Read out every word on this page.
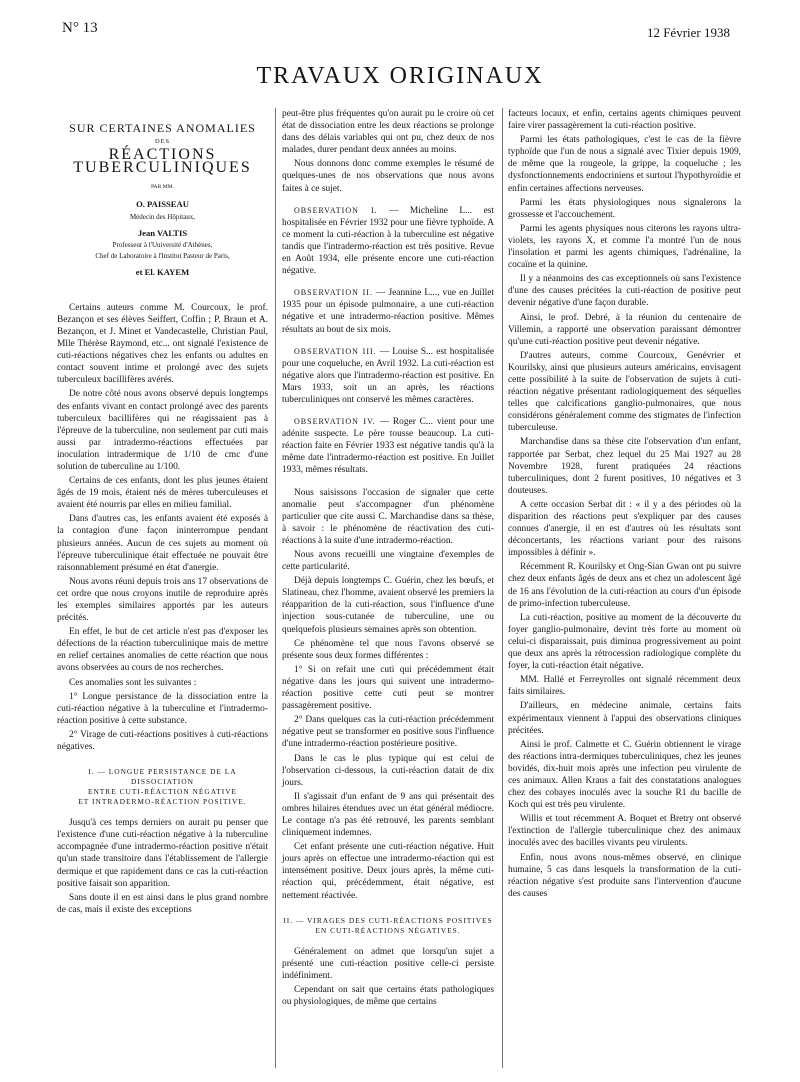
N° 13	12 Février 1938
TRAVAUX ORIGINAUX

SUR CERTAINES ANOMALIES

DES

RÉACTIONS

TUBERCULINIQUES

PAR MM.

O. PAISSEAU

Médecin des Hôpitaux,

Jean VALTIS

Professeur à l'Université d'Athènes,

Chef de Laboratoire à l'Institut Pasteur de Paris,

et El. KAYEM

Certains auteurs comme M. Courcoux, le prof. Bezançon et ses élèves Seiffert, Coffin ; P. Braun et A. Bezançon, et J. Minet et Vandecastelle, Christian Paul, Mlle Thérèse Raymond, etc... ont signalé l'existence de cuti-réactions négatives chez les enfants ou adultes en contact souvent intime et prolongé avec des sujets tuberculeux bacillifères avérés.

De notre côté nous avons observé depuis longtemps des enfants vivant en contact prolongé avec des parents tuberculeux bacillifères qui ne réagissaient pas à l'épreuve de la tuberculine, non seulement par cuti mais aussi par intradermo-réactions effectuées par inoculation intradermique de 1/10 de cmc d'une solution de tuberculine au 1/100.

Certains de ces enfants, dont les plus jeunes étaient âgés de 19 mois, étaient nés de mères tuberculeuses et avaient été nourris par elles en milieu familial.

Dans d'autres cas, les enfants avaient été exposés à la contagion d'une façon ininterrompue pendant plusieurs années. Aucun de ces sujets au moment où l'épreuve tuberculinique était effectuée ne pouvait être raisonnablement présumé en état d'anergie.

Nous avons réuni depuis trois ans 17 observations de cet ordre que nous croyons inutile de reproduire après les exemples similaires apportés par les auteurs précités.

En effet, le but de cet article n'est pas d'exposer les défections de la réaction tuberculinique mais de mettre en relief certaines anomalies de cette réaction que nous avons observées au cours de nos recherches.

Ces anomalies sont les suivantes :

1° Longue persistance de la dissociation entre la cuti-réaction négative à la tuberculine et l'intradermo-réaction positive à cette substance.

2° Virage de cuti-réactions positives à cuti-réactions négatives.

I. — LONGUE PERSISTANCE DE LA DISSOCIATION
ENTRE CUTI-RÉACTION NÉGATIVE
ET INTRADERMO-RÉACTION POSITIVE.

Jusqu'à ces temps derniers on aurait pu penser que l'existence d'une cuti-réaction négative à la tuberculine accompagnée d'une intradermo-réaction positive n'était qu'un stade transitoire dans l'établissement de l'allergie dermique et que rapidement dans ce cas la cuti-réaction positive faisait son apparition.

Sans doute il en est ainsi dans le plus grand nombre de cas, mais il existe des exceptions

peut-être plus fréquentes qu'on aurait pu le croire où cet état de dissociation entre les deux réactions se prolonge dans des délais variables qui ont pu, chez deux de nos malades, durer pendant deux années au moins.

Nous donnons donc comme exemples le résumé de quelques-unes de nos observations que nous avons faites à ce sujet.

OBSERVATION I. — Micheline L... est hospitalisée en Février 1932 pour une fièvre typhoïde. A ce moment la cuti-réaction à la tuberculine est négative tandis que l'intradermo-réaction est très positive. Revue en Août 1934, elle présente encore une cuti-réaction négative.

OBSERVATION II. — Jeannine L..., vue en Juillet 1935 pour un épisode pulmonaire, a une cuti-réaction négative et une intradermo-réaction positive. Mêmes résultats au bout de six mois.

OBSERVATION III. — Louise S... est hospitalisée pour une coqueluche, en Avril 1932. La cuti-réaction est négative alors que l'intradermo-réaction est positive. En Mars 1933, soit un an après, les réactions tuberculiniques ont conservé les mêmes caractères.

OBSERVATION IV. — Roger C... vient pour une adénite suspecte. Le père tousse beaucoup. La cuti-réaction faite en Février 1933 est négative tandis qu'à la même date l'intradermo-réaction est positive. En Juillet 1933, mêmes résultats.

Nous saisissons l'occasion de signaler que cette anomalie peut s'accompagner d'un phénomène particulier que cite aussi C. Marchandise dans sa thèse, à savoir : le phénomène de réactivation des cuti-réactions à la suite d'une intradermo-réaction.

Nous avons recueilli une vingtaine d'exemples de cette particularité.

Déjà depuis longtemps C. Guérin, chez les bœufs, et Slatineau, chez l'homme, avaient observé les premiers la réapparition de la cuti-réaction, sous l'influence d'une injection sous-cutanée de tuberculine, une ou quelquefois plusieurs semaines après son obtention.

Ce phénomène tel que nous l'avons observé se présente sous deux formes différentes :

1° Si on refait une cuti qui précédemment était négative dans les jours qui suivent une intradermo-réaction positive cette cuti peut se montrer passagèrement positive.

2° Dans quelques cas la cuti-réaction précédemment négative peut se transformer en positive sous l'influence d'une intradermo-réaction postérieure positive.

Dans le cas le plus typique qui est celui de l'observation ci-dessous, la cuti-réaction datait de dix jours.

Il s'agissait d'un enfant de 9 ans qui présentait des ombres hilaires étendues avec un état général médiocre. Le contage n'a pas été retrouvé, les parents semblant cliniquement indemnes.

Cet enfant présente une cuti-réaction négative. Huit jours après on effectue une intradermo-réaction qui est intensément positive. Deux jours après, la même cuti-réaction qui, précédemment, était négative, est nettement réactivée.

II. — VIRAGES DES CUTI-RÉACTIONS POSITIVES
EN CUTI-RÉACTIONS NÉGATIVES.

Généralement on admet que lorsqu'un sujet a présenté une cuti-réaction positive celle-ci persiste indéfiniment.

Cependant on sait que certains états pathologiques ou physiologiques, de même que certains

facteurs locaux, et enfin, certains agents chimiques peuvent faire virer passagèrement la cuti-réaction positive.

Parmi les états pathologiques, c'est le cas de la fièvre typhoïde que l'un de nous a signalé avec Tixier depuis 1909, de même que la rougeole, la grippe, la coqueluche ; les dysfonctionnements endocriniens et surtout l'hypothyroïdie et enfin certaines affections nerveuses.

Parmi les états physiologiques nous signalerons la grossesse et l'accouchement.

Parmi les agents physiques nous citerons les rayons ultra-violets, les rayons X, et comme l'a montré l'un de nous l'insolation et parmi les agents chimiques, l'adrénaline, la cocaïne et la quinine.

Il y a néanmoins des cas exceptionnels où sans l'existence d'une des causes précitées la cuti-réaction de positive peut devenir négative d'une façon durable.

Ainsi, le prof. Debré, à la réunion du centenaire de Villemin, a rapporté une observation paraissant démontrer qu'une cuti-réaction positive peut devenir négative.

D'autres auteurs, comme Courcoux, Genévrier et Kourilsky, ainsi que plusieurs auteurs américains, envisagent cette possibilité à la suite de l'observation de sujets à cuti-réaction négative présentant radiologiquement des séquelles telles que calcifications ganglio-pulmonaires, que nous considérons généralement comme des stigmates de l'infection tuberculeuse.

Marchandise dans sa thèse cite l'observation d'un enfant, rapportée par Serbat, chez lequel du 25 Mai 1927 au 28 Novembre 1928, furent pratiquées 24 réactions tuberculiniques, dont 2 furent positives, 10 négatives et 3 douteuses.

A cette occasion Serbat dit : « il y a des périodes où la disparition des réactions peut s'expliquer par des causes connues d'anergie, il en est d'autres où les résultats sont déconcertants, les réactions variant pour des raisons impossibles à définir ».

Récemment R. Kourilsky et Ong-Sian Gwan ont pu suivre chez deux enfants âgés de deux ans et chez un adolescent âgé de 16 ans l'évolution de la cuti-réaction au cours d'un épisode de primo-infection tuberculeuse.

La cuti-réaction, positive au moment de la découverte du foyer ganglio-pulmonaire, devint très forte au moment où celui-ci disparaissait, puis diminua progressivement au point que deux ans après la rétrocession radiologique complète du foyer, la cuti-réaction était négative.

MM. Hallé et Ferreyrolles ont signalé récemment deux faits similaires.

D'ailleurs, en médecine animale, certains faits expérimentaux viennent à l'appui des observations cliniques précitées.

Ainsi le prof. Calmette et C. Guérin obtiennent le virage des réactions intra-dermiques tuberculiniques, chez les jeunes bovidés, dix-huit mois après une infection peu virulente de ces animaux. Allen Kraus a fait des constatations analogues chez des cobayes inoculés avec la souche R1 du bacille de Koch qui est très peu virulente.

Willis et tout récemment A. Boquet et Bretry ont observé l'extinction de l'allergie tuberculinique chez des animaux inoculés avec des bacilles vivants peu virulents.

Enfin, nous avons nous-mêmes observé, en clinique humaine, 5 cas dans lesquels la transformation de la cuti-réaction négative s'est produite sans l'intervention d'aucune des causes
